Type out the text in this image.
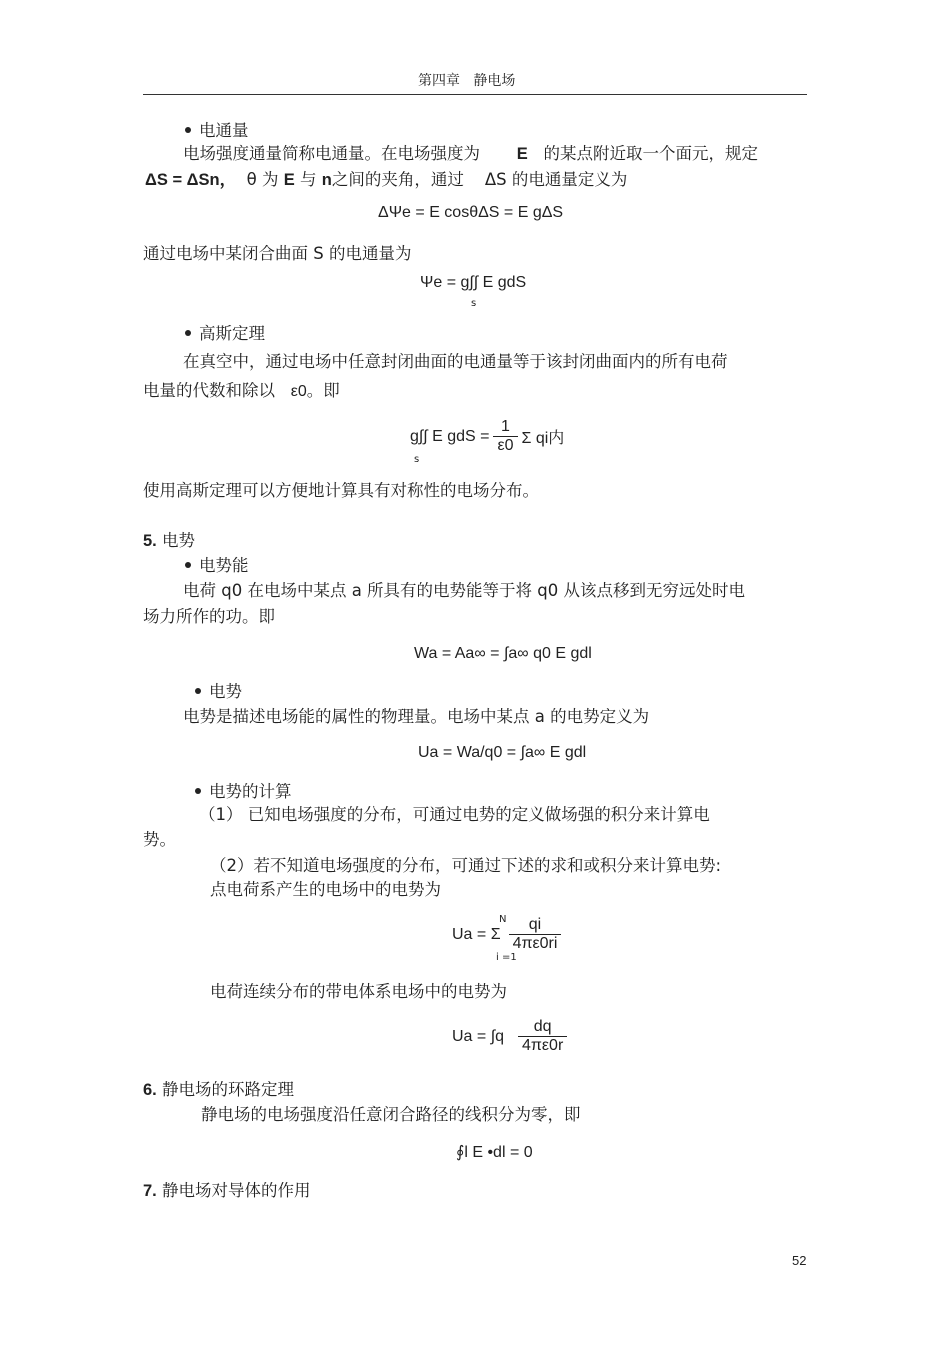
第四章 静电场
电通量
电场强度通量简称电通量。在电场强度为 E 的某点附近取一个面元，规定
ΔS = ΔSn， θ 为 E 与 n之间的夹角，通过 ΔS 的电通量定义为
ΔΨe = E cosθΔS = E gΔS
通过电场中某闭合曲面 S 的电通量为
Ψe = g∫∫ E gdS
s
高斯定理
在真空中，通过电场中任意封闭曲面的电通量等于该封闭曲面内的所有电荷
电量的代数和除以 ε0。即
g∫∫ E gdS = $\frac{1}{\varepsilon 0}$ Σ qi内
s
使用高斯定理可以方便地计算具有对称性的电场分布。
5. 电势
电势能
电荷 q0 在电场中某点 a 所具有的电势能等于将 q0 从该点移到无穷远处时电
场力所作的功。即
Wa = Aa∞ = ∫a∞ q0 E gdl
电势
电势是描述电场能的属性的物理量。电场中某点 a 的电势定义为
Ua = Wa/q0 = ∫a∞ E gdl
电势的计算
（1） 已知电场强度的分布，可通过电势的定义做场强的积分来计算电
势。
（2）若不知道电场强度的分布，可通过下述的求和或积分来计算电势:
点电荷系产生的电场中的电势为
Ua = Σ $\frac{qi}{4\pi\varepsilon 0ri}$
N
i =1
电荷连续分布的带电体系电场中的电势为
$Ua = \int q \frac{dq}{4\pi\varepsilon 0r}$
6. 静电场的环路定理
静电场的电场强度沿任意闭合路径的线积分为零，即
∮l E •dl = 0
7. 静电场对导体的作用
52
